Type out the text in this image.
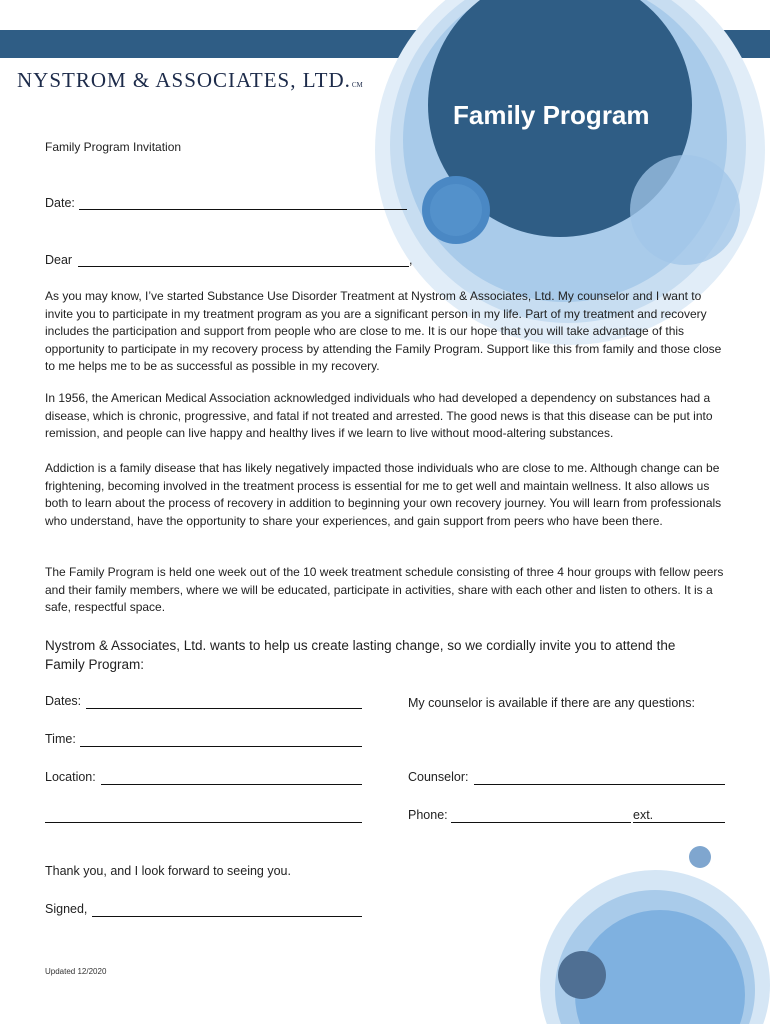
NYSTROM & ASSOCIATES, LTD.CM
Family Program
Family Program Invitation
Date:
Dear	,
As you may know, I’ve started Substance Use Disorder Treatment at Nystrom & Associates, Ltd. My counselor and I want to invite you to participate in my treatment program as you are a significant person in my life. Part of my treatment and recovery includes the participation and support from people who are close to me. It is our hope that you will take advantage of this opportunity to participate in my recovery process by attending the Family Program. Support like this from family and those close to me helps me to be as successful as possible in my recovery.
In 1956, the American Medical Association acknowledged individuals who had developed a dependency on substances had a disease, which is chronic, progressive, and fatal if not treated and arrested. The good news is that this disease can be put into remission, and people can live happy and healthy lives if we learn to live without mood-altering substances.
Addiction is a family disease that has likely negatively impacted those individuals who are close to me. Although change can be frightening, becoming involved in the treatment process is essential for me to get well and maintain wellness. It also allows us both to learn about the process of recovery in addition to beginning your own recovery journey. You will learn from professionals who understand, have the opportunity to share your experiences, and gain support from peers who have been there.
The Family Program is held one week out of the 10 week treatment schedule consisting of three 4 hour groups with fellow peers and their family members, where we will be educated, participate in activities, share with each other and listen to others. It is a safe, respectful space.
Nystrom & Associates, Ltd. wants to help us create lasting change, so we cordially invite you to attend the Family Program:
Dates:
Time:
Location:
My counselor is available if there are any questions:
Counselor:
Phone:	ext.
Thank you, and I look forward to seeing you.
Signed,
Updated 12/2020
